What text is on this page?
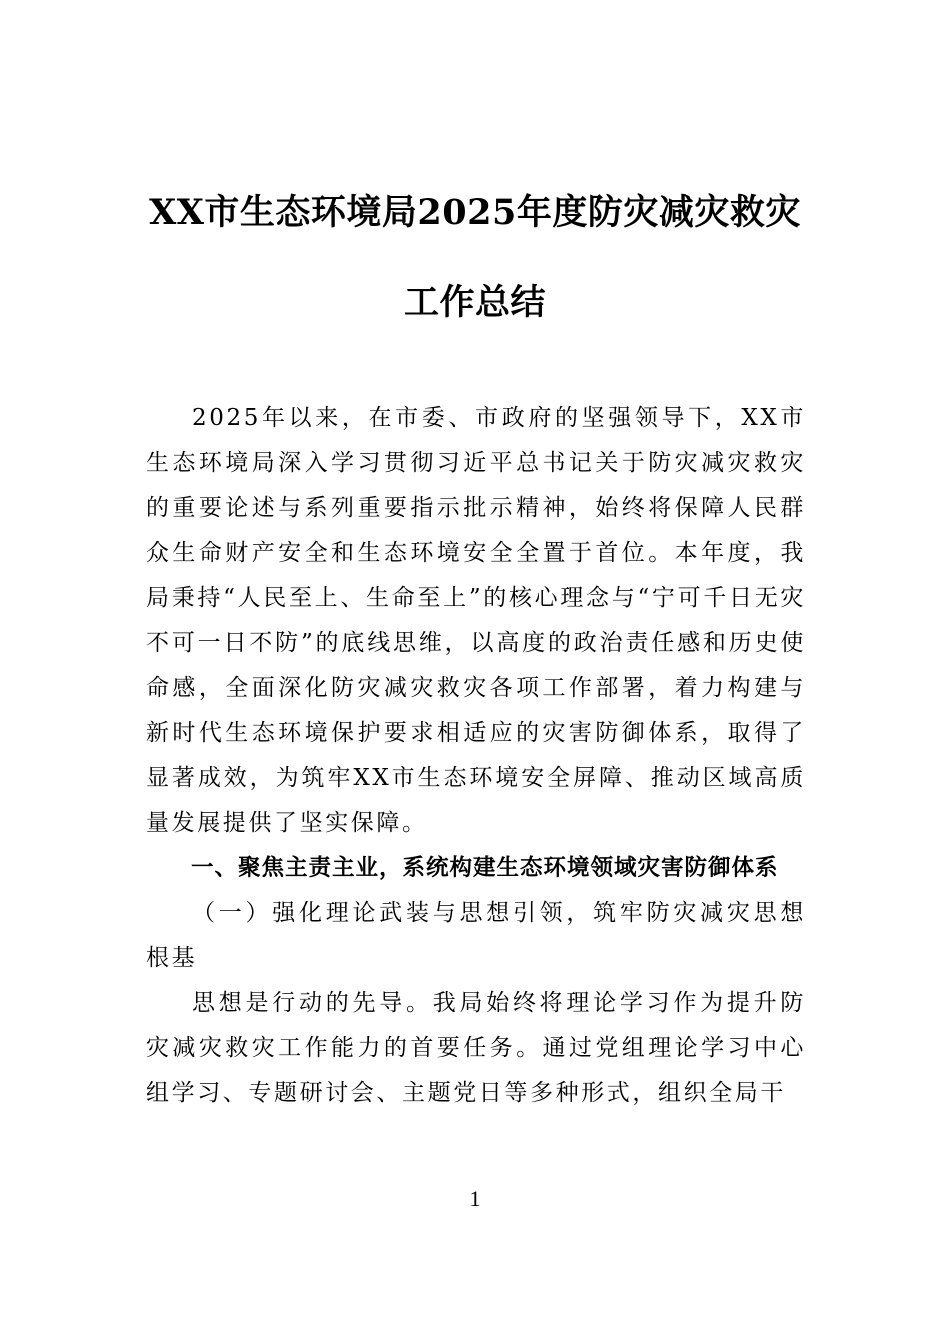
XX市生态环境局2025年度防灾减灾救灾
工作总结

2025年以来，在市委、市政府的坚强领导下，XX市生态环境局深入学习贯彻习近平总书记关于防灾减灾救灾的重要论述与系列重要指示批示精神，始终将保障人民群众生命财产安全和生态环境安全全置于首位。本年度，我局秉持“人民至上、生命至上”的核心理念与“宁可千日无灾不可一日不防”的底线思维，以高度的政治责任感和历史使命感，全面深化防灾减灾救灾各项工作部署，着力构建与新时代生态环境保护要求相适应的灾害防御体系，取得了显著成效，为筑牢XX市生态环境安全屏障、推动区域高质量发展提供了坚实保障。

一、聚焦主责主业，系统构建生态环境领域灾害防御体系

（一）强化理论武装与思想引领，筑牢防灾减灾思想根基

思想是行动的先导。我局始终将理论学习作为提升防灾减灾救灾工作能力的首要任务。通过党组理论学习中心组学习、专题研讨会、主题党日等多种形式，组织全局干

1
